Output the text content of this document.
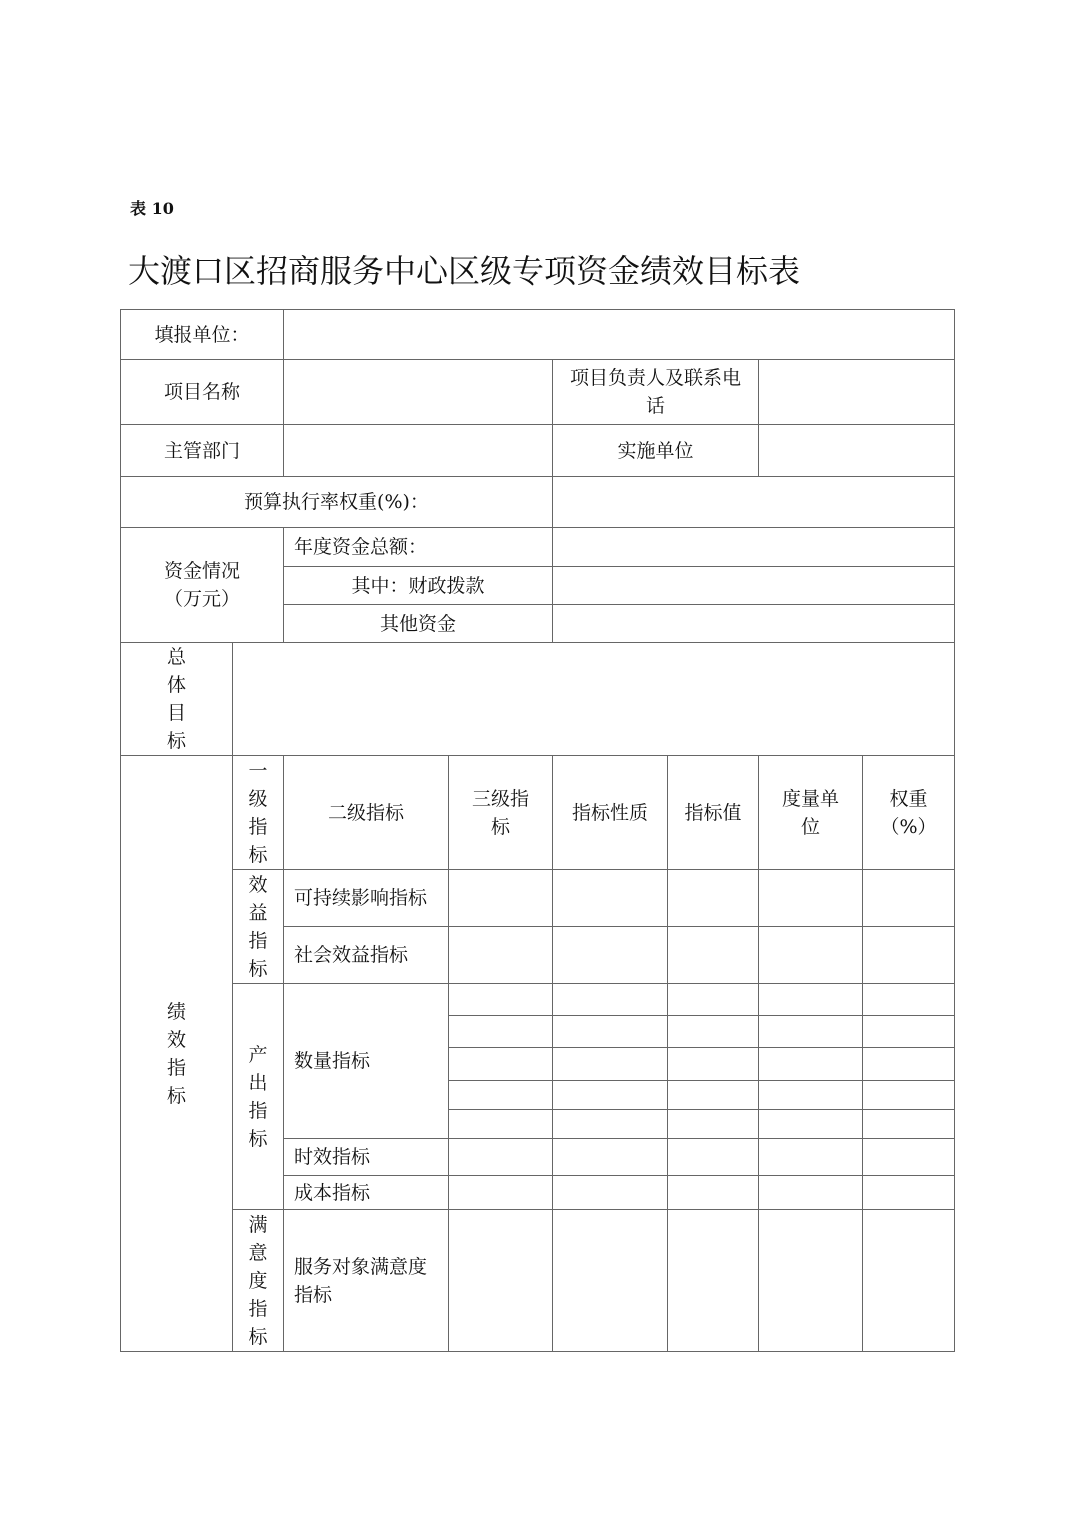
表 10
大渡口区招商服务中心区级专项资金绩效目标表
填报单位：
项目名称
项目负责人及联系电话
主管部门	实施单位
预算执行率权重(%)：
资金情况（万元）
年度资金总额：
其中：财政拨款
其他资金
总体目标
绩效指标
一级指标
二级指标
三级指标
指标性质	指标值
度量单位
权重（%）
效益指标
可持续影响指标
社会效益指标
产出指标
数量指标
时效指标
成本指标
满意度指标
服务对象满意度指标
